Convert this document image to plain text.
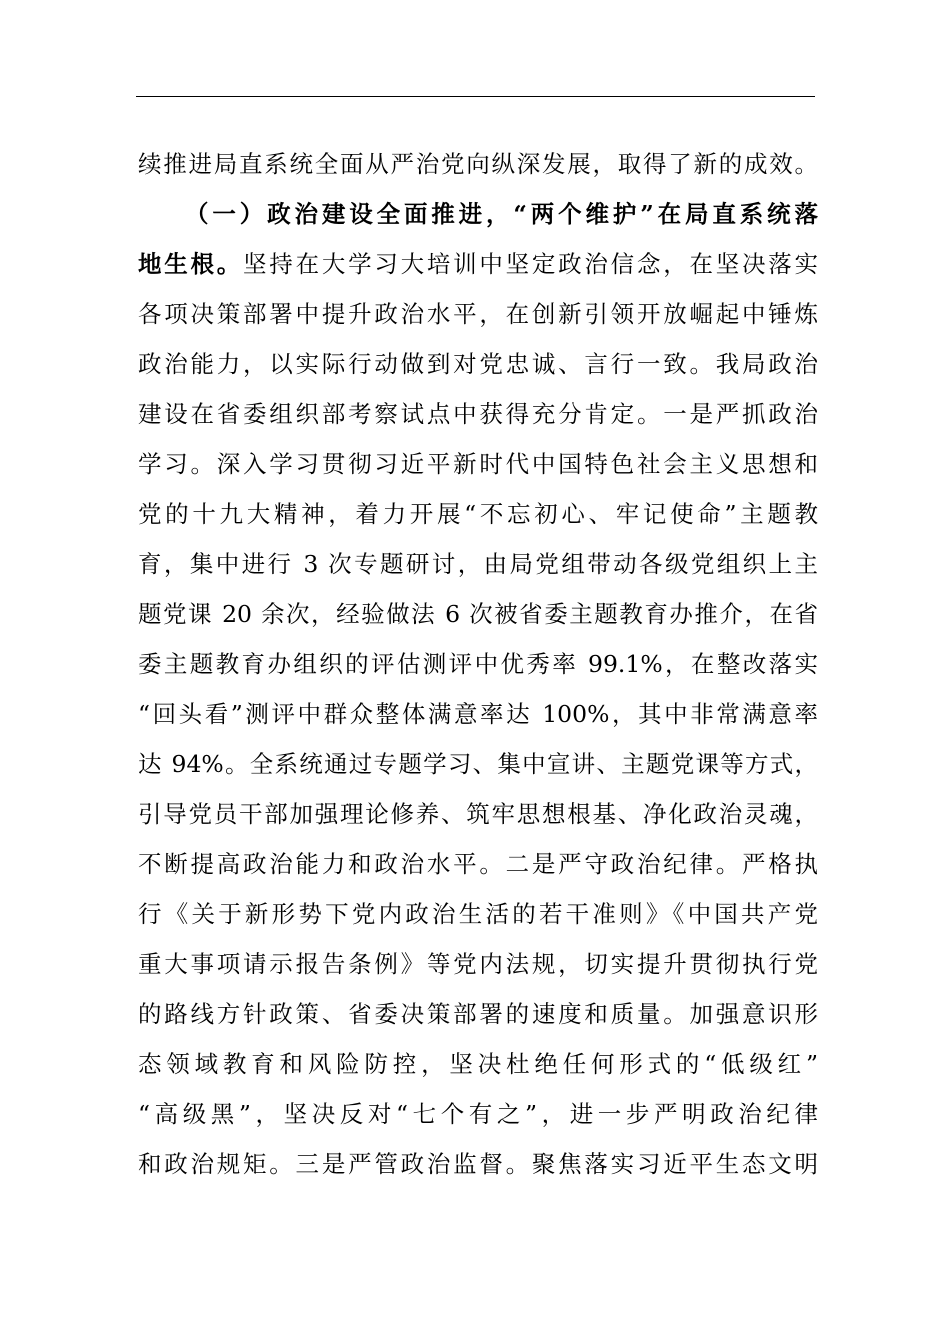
续推进局直系统全面从严治党向纵深发展，取得了新的成效。
（一）政治建设全面推进，“两个维护”在局直系统落
地生根。坚持在大学习大培训中坚定政治信念，在坚决落实
各项决策部署中提升政治水平，在创新引领开放崛起中锤炼
政治能力，以实际行动做到对党忠诚、言行一致。我局政治
建设在省委组织部考察试点中获得充分肯定。一是严抓政治
学习。深入学习贯彻习近平新时代中国特色社会主义思想和
党的十九大精神，着力开展“不忘初心、牢记使命”主题教
育，集中进行 3 次专题研讨，由局党组带动各级党组织上主
题党课 20 余次，经验做法 6 次被省委主题教育办推介，在省
委主题教育办组织的评估测评中优秀率 99.1%，在整改落实
“回头看”测评中群众整体满意率达 100%，其中非常满意率
达 94%。全系统通过专题学习、集中宣讲、主题党课等方式，
引导党员干部加强理论修养、筑牢思想根基、净化政治灵魂，
不断提高政治能力和政治水平。二是严守政治纪律。严格执
行《关于新形势下党内政治生活的若干准则》《中国共产党
重大事项请示报告条例》等党内法规，切实提升贯彻执行党
的路线方针政策、省委决策部署的速度和质量。加强意识形
态领域教育和风险防控，坚决杜绝任何形式的“低级红”
“高级黑”，坚决反对“七个有之”，进一步严明政治纪律
和政治规矩。三是严管政治监督。聚焦落实习近平生态文明
